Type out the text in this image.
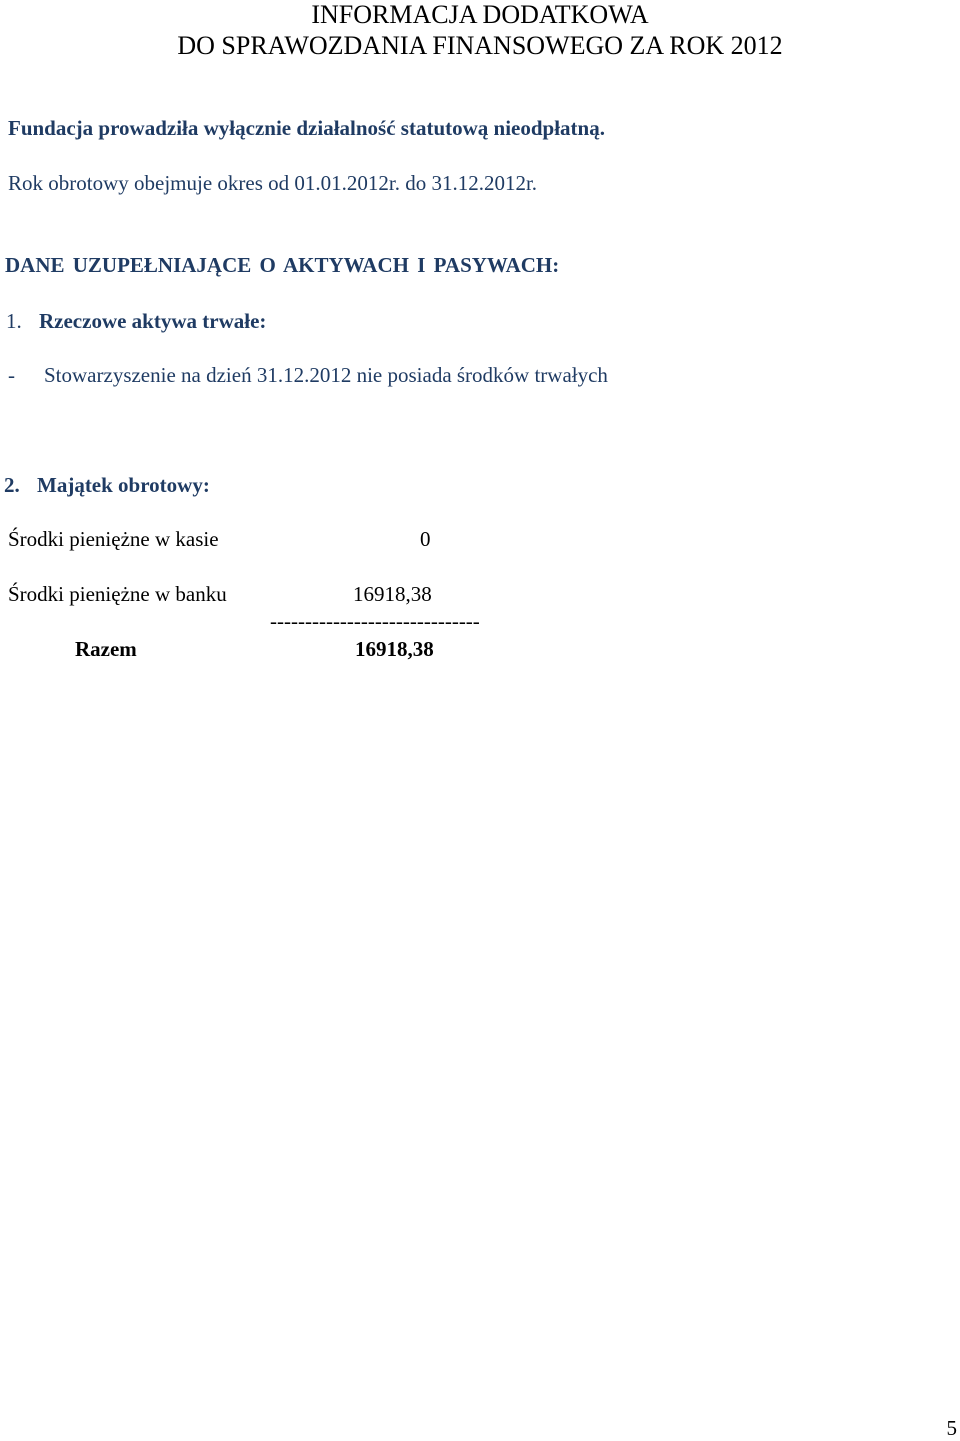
INFORMACJA DODATKOWA
DO SPRAWOZDANIA FINANSOWEGO ZA ROK 2012
Fundacja prowadziła wyłącznie działalność statutową nieodpłatną.
Rok obrotowy obejmuje okres od 01.01.2012r. do 31.12.2012r.
DANE UZUPEŁNIAJĄCE O AKTYWACH I PASYWACH:
1. Rzeczowe aktywa trwałe:
- Stowarzyszenie na dzień 31.12.2012 nie posiada środków trwałych
2. Majątek obrotowy:
Środki pieniężne w kasie	0
Środki pieniężne w banku	16918,38
------------------------------
Razem	16918,38
5
